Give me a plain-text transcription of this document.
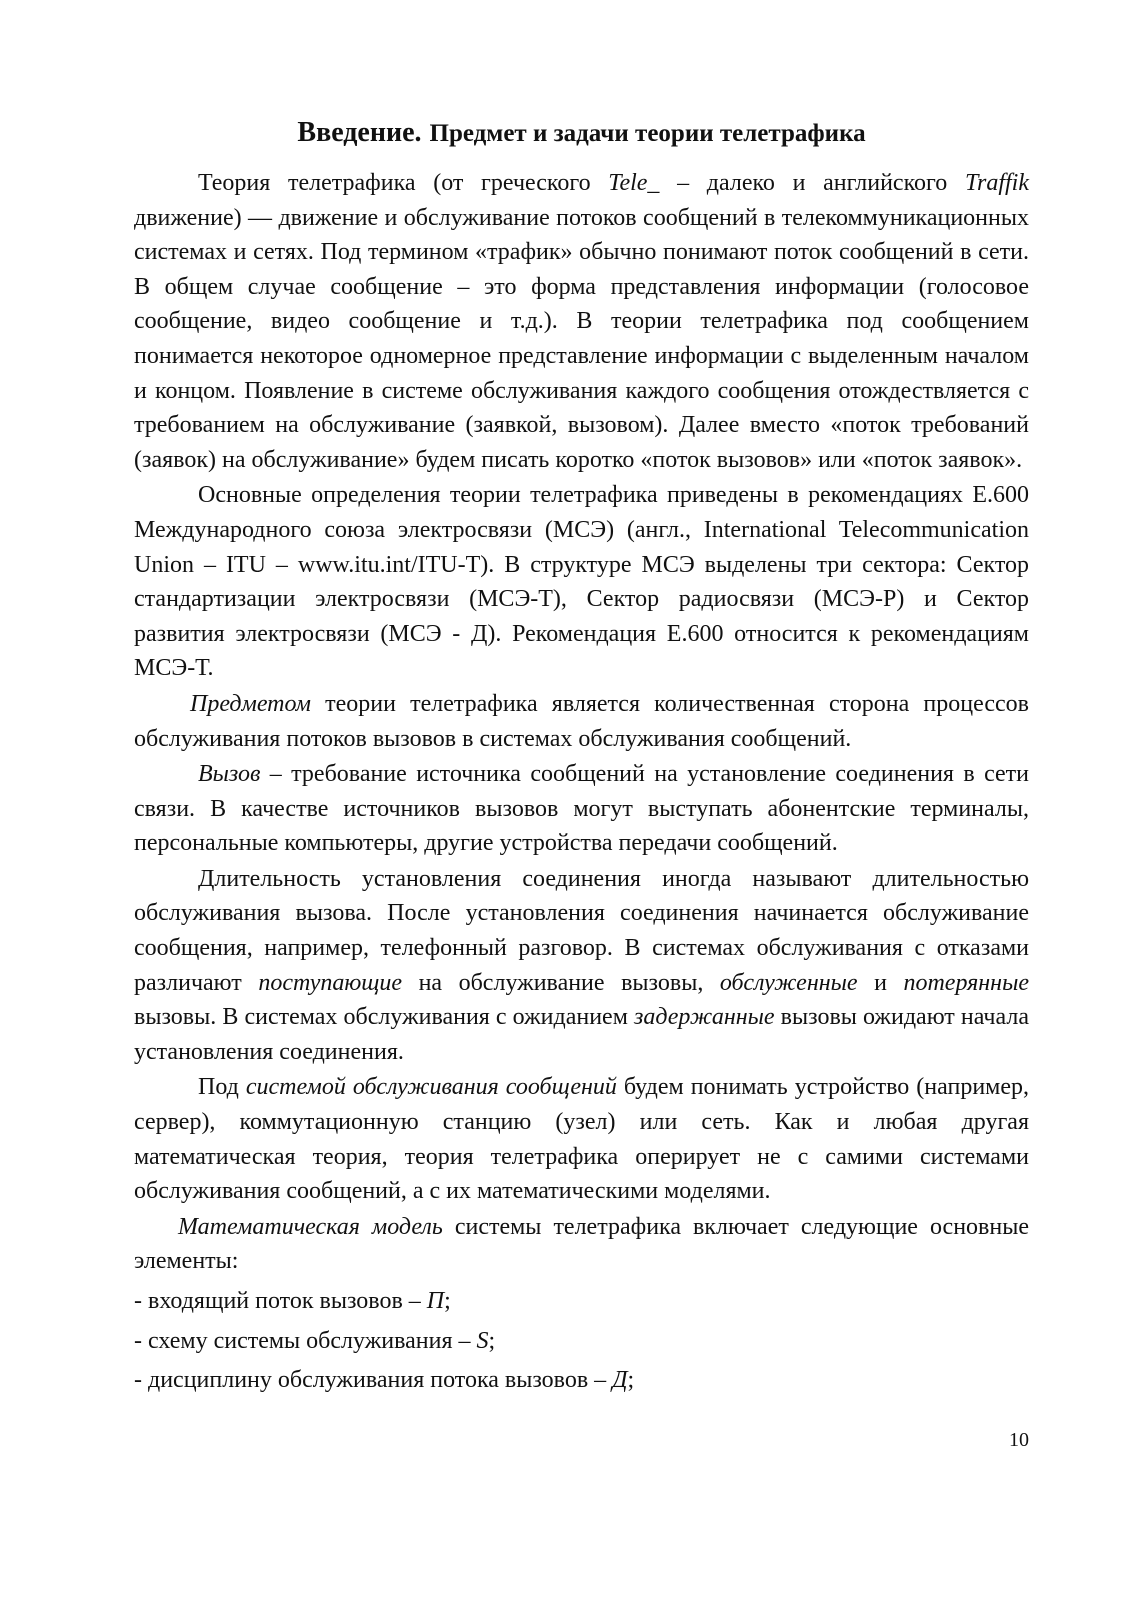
Введение. Предмет и задачи теории телетрафика

Теория телетрафика (от греческого Tele_ – далеко и английского Traffik движение) — движение и обслуживание потоков сообщений в телекоммуникационных системах и сетях. Под термином «трафик» обычно понимают поток сообщений в сети. В общем случае сообщение – это форма представления информации (голосовое сообщение, видео сообщение и т.д.). В теории телетрафика под сообщением понимается некоторое одномерное представление информации с выделенным началом и концом. Появление в системе обслуживания каждого сообщения отождествляется с требованием на обслуживание (заявкой, вызовом). Далее вместо «поток требований (заявок) на обслуживание» будем писать коротко «поток вызовов» или «поток заявок».

Основные определения теории телетрафика приведены в рекомендациях Е.600 Международного союза электросвязи (МСЭ) (англ., International Telecommunication Union – ITU – www.itu.int/ITU-T). В структуре МСЭ выделены три сектора: Сектор стандартизации электросвязи (МСЭ-Т), Сектор радиосвязи (МСЭ-Р) и Сектор развития электросвязи (МСЭ - Д). Рекомендация Е.600 относится к рекомендациям МСЭ-Т.

Предметом теории телетрафика является количественная сторона процессов обслуживания потоков вызовов в системах обслуживания сообщений.

Вызов – требование источника сообщений на установление соединения в сети связи. В качестве источников вызовов могут выступать абонентские терминалы, персональные компьютеры, другие устройства передачи сообщений.

Длительность установления соединения иногда называют длительностью обслуживания вызова. После установления соединения начинается обслуживание сообщения, например, телефонный разговор. В системах обслуживания с отказами различают поступающие на обслуживание вызовы, обслуженные и потерянные вызовы. В системах обслуживания с ожиданием задержанные вызовы ожидают начала установления соединения.

Под системой обслуживания сообщений будем понимать устройство (например, сервер), коммутационную станцию (узел) или сеть. Как и любая другая математическая теория, теория телетрафика оперирует не с самими системами обслуживания сообщений, а с их математическими моделями.

Математическая модель системы телетрафика включает следующие основные элементы:

- входящий поток вызовов – П;

- схему системы обслуживания – S;

- дисциплину обслуживания потока вызовов – Д;

10
